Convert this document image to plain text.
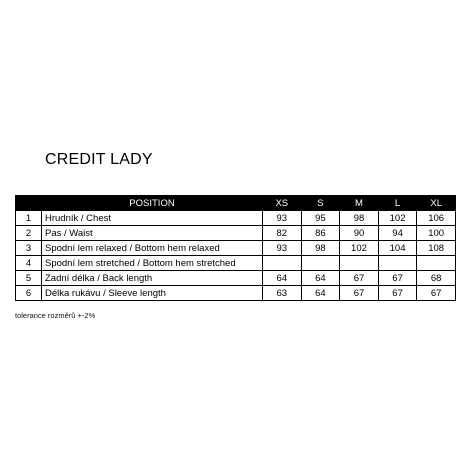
CREDIT LADY
	POSITION	XS	S	M	L	XL
1	Hrudník / Chest	93	95	98	102	106
2	Pas / Waist	82	86	90	94	100
3	Spodní lem relaxed / Bottom hem relaxed	93	98	102	104	108
4	Spodní lem stretched / Bottom hem stretched					
5	Zadní délka / Back length	64	64	67	67	68
6	Délka rukávu / Sleeve length	63	64	67	67	67
tolerance rozměrů +-2%
